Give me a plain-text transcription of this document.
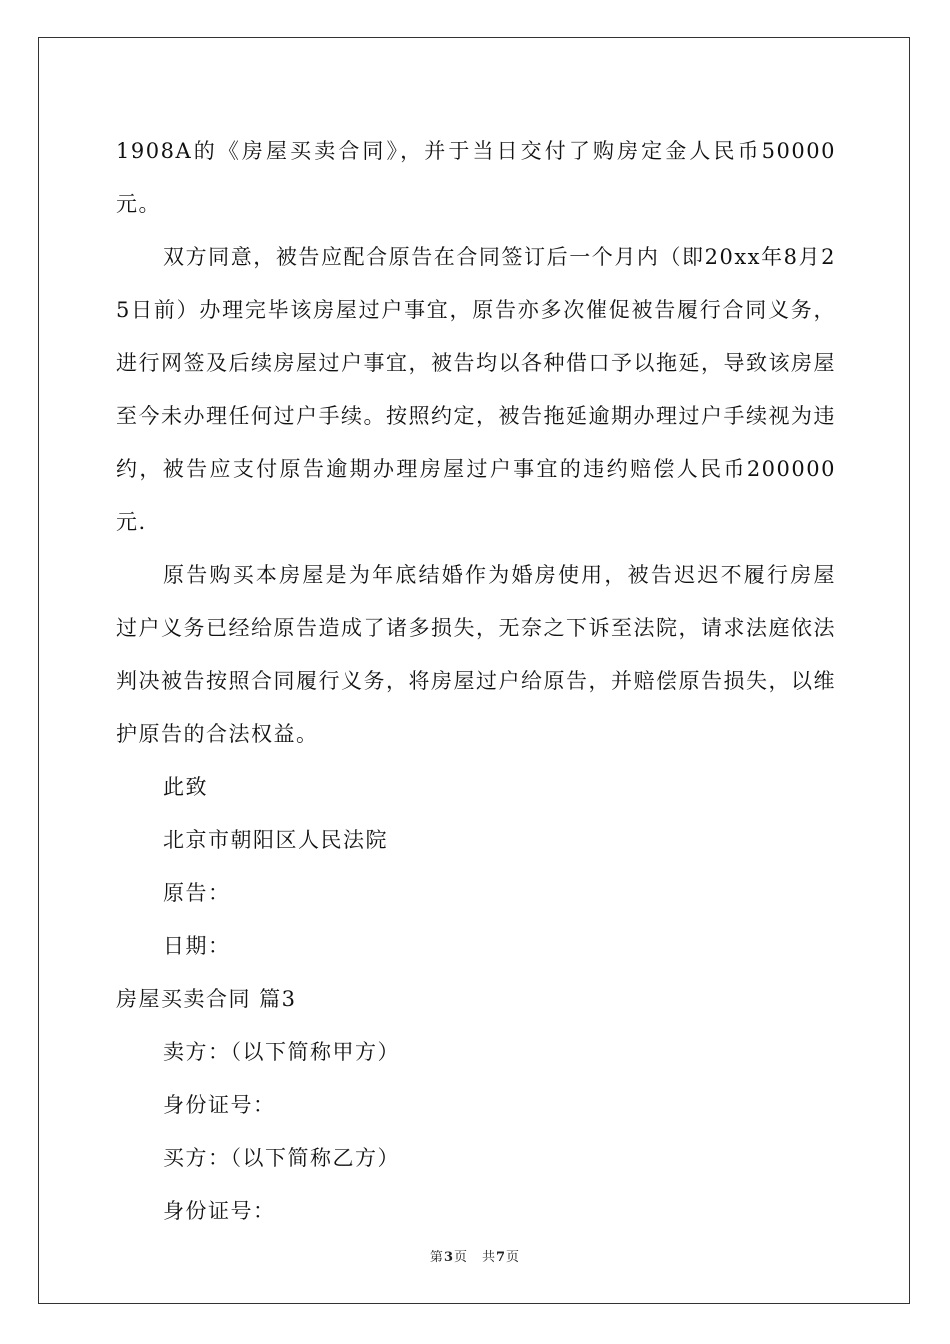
1908A的《房屋买卖合同》，并于当日交付了购房定金人民币50000元。

双方同意，被告应配合原告在合同签订后一个月内（即20xx年8月25日前）办理完毕该房屋过户事宜，原告亦多次催促被告履行合同义务，进行网签及后续房屋过户事宜，被告均以各种借口予以拖延，导致该房屋至今未办理任何过户手续。按照约定，被告拖延逾期办理过户手续视为违约，被告应支付原告逾期办理房屋过户事宜的违约赔偿人民币200000元.

原告购买本房屋是为年底结婚作为婚房使用，被告迟迟不履行房屋过户义务已经给原告造成了诸多损失，无奈之下诉至法院，请求法庭依法判决被告按照合同履行义务，将房屋过户给原告，并赔偿原告损失，以维护原告的合法权益。

此致

北京市朝阳区人民法院

原告：

日期：

房屋买卖合同 篇3

卖方：（以下简称甲方）

身份证号：

买方：（以下简称乙方）

身份证号：

第3页　共7页
